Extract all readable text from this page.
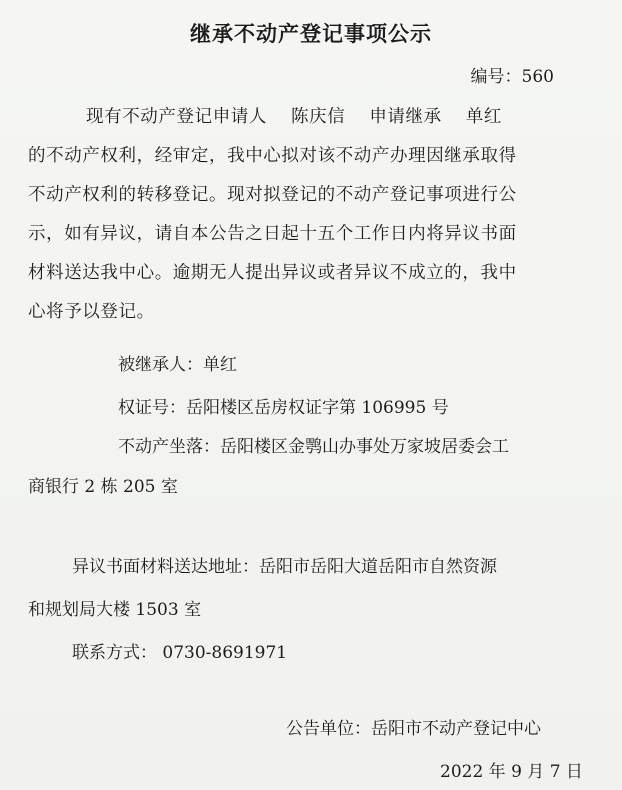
继承不动产登记事项公示
编号：560
现有不动产登记申请人 陈庆信 申请继承 单红
的不动产权利，经审定，我中心拟对该不动产办理因继承取得
不动产权利的转移登记。现对拟登记的不动产登记事项进行公
示，如有异议，请自本公告之日起十五个工作日内将异议书面
材料送达我中心。逾期无人提出异议或者异议不成立的，我中
心将予以登记。
被继承人：单红
权证号：岳阳楼区岳房权证字第 106995 号
不动产坐落：岳阳楼区金鹗山办事处万家坡居委会工
商银行 2 栋 205 室
异议书面材料送达地址：岳阳市岳阳大道岳阳市自然资源
和规划局大楼 1503 室
联系方式： 0730-8691971
公告单位：岳阳市不动产登记中心
2022 年 9 月 7 日
